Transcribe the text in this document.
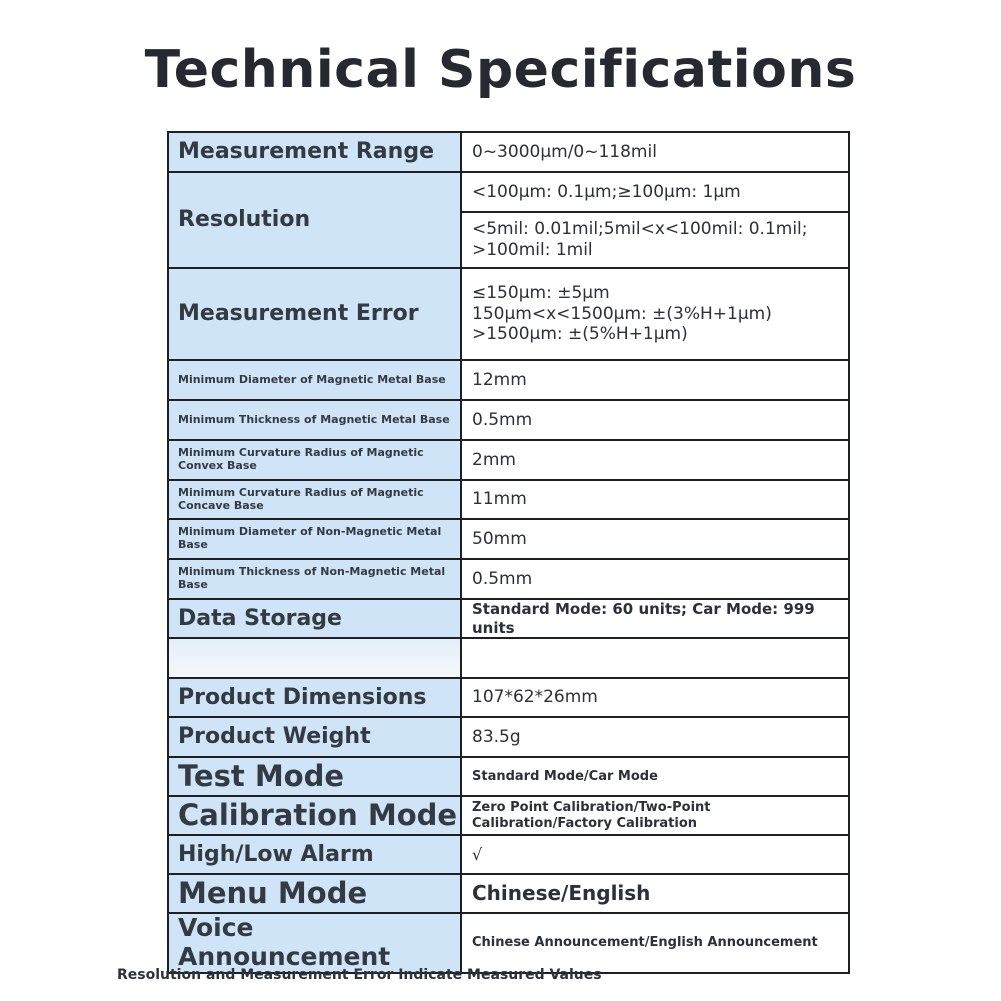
Technical Specifications
Measurement Range	0~3000μm/0~118mil
Resolution	<100μm: 0.1μm;≥100μm: 1μm

	<5mil: 0.01mil;5mil<x<100mil: 0.1mil;
>100mil: 1mil

Measurement Error	≤150μm: ±5μm
150μm<x<1500μm: ±(3%H+1μm)
>1500μm: ±(5%H+1μm)

Minimum Diameter of Magnetic Metal Base	12mm
Minimum Thickness of Magnetic Metal Base	0.5mm
Minimum Curvature Radius of Magnetic Convex Base	2mm
Minimum Curvature Radius of Magnetic Concave Base	11mm
Minimum Diameter of Non-Magnetic Metal Base	50mm
Minimum Thickness of Non-Magnetic Metal Base	0.5mm
Data Storage	Standard Mode: 60 units; Car Mode: 999 units

Product Dimensions	107*62*26mm
Product Weight	83.5g
Test Mode	Standard Mode/Car Mode
Calibration Mode	Zero Point Calibration/Two-Point
Calibration/Factory Calibration

High/Low Alarm	√
Menu Mode	Chinese/English
Voice Announcement	Chinese Announcement/English Announcement
Resolution and Measurement Error Indicate Measured Values
